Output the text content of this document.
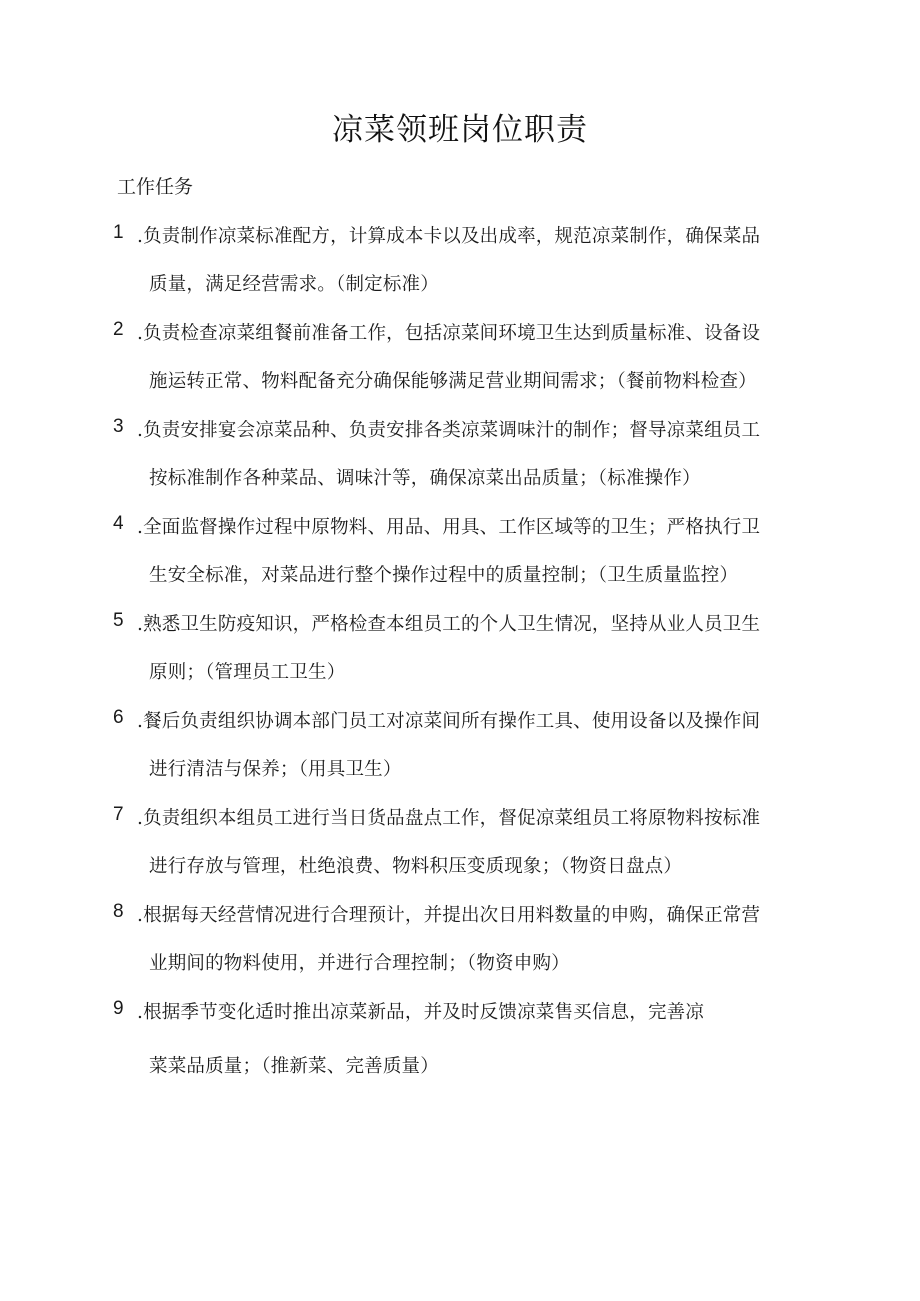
凉菜领班岗位职责
工作任务
1 .负责制作凉菜标准配方，计算成本卡以及出成率，规范凉菜制作，确保菜品
质量，满足经营需求。（制定标准）
2 .负责检查凉菜组餐前准备工作，包括凉菜间环境卫生达到质量标准、设备设
施运转正常、物料配备充分确保能够满足营业期间需求；（餐前物料检查）
3 .负责安排宴会凉菜品种、负责安排各类凉菜调味汁的制作；督导凉菜组员工
按标准制作各种菜品、调味汁等，确保凉菜出品质量；（标准操作）
4 .全面监督操作过程中原物料、用品、用具、工作区域等的卫生；严格执行卫
生安全标准，对菜品进行整个操作过程中的质量控制；（卫生质量监控）
5 .熟悉卫生防疫知识，严格检查本组员工的个人卫生情况，坚持从业人员卫生
原则；（管理员工卫生）
6 .餐后负责组织协调本部门员工对凉菜间所有操作工具、使用设备以及操作间
进行清洁与保养；（用具卫生）
7 .负责组织本组员工进行当日货品盘点工作，督促凉菜组员工将原物料按标准
进行存放与管理，杜绝浪费、物料积压变质现象；（物资日盘点）
8 .根据每天经营情况进行合理预计，并提出次日用料数量的申购，确保正常营
业期间的物料使用，并进行合理控制；（物资申购）
9 .根据季节变化适时推出凉菜新品，并及时反馈凉菜售买信息，完善凉
菜菜品质量；（推新菜、完善质量）
